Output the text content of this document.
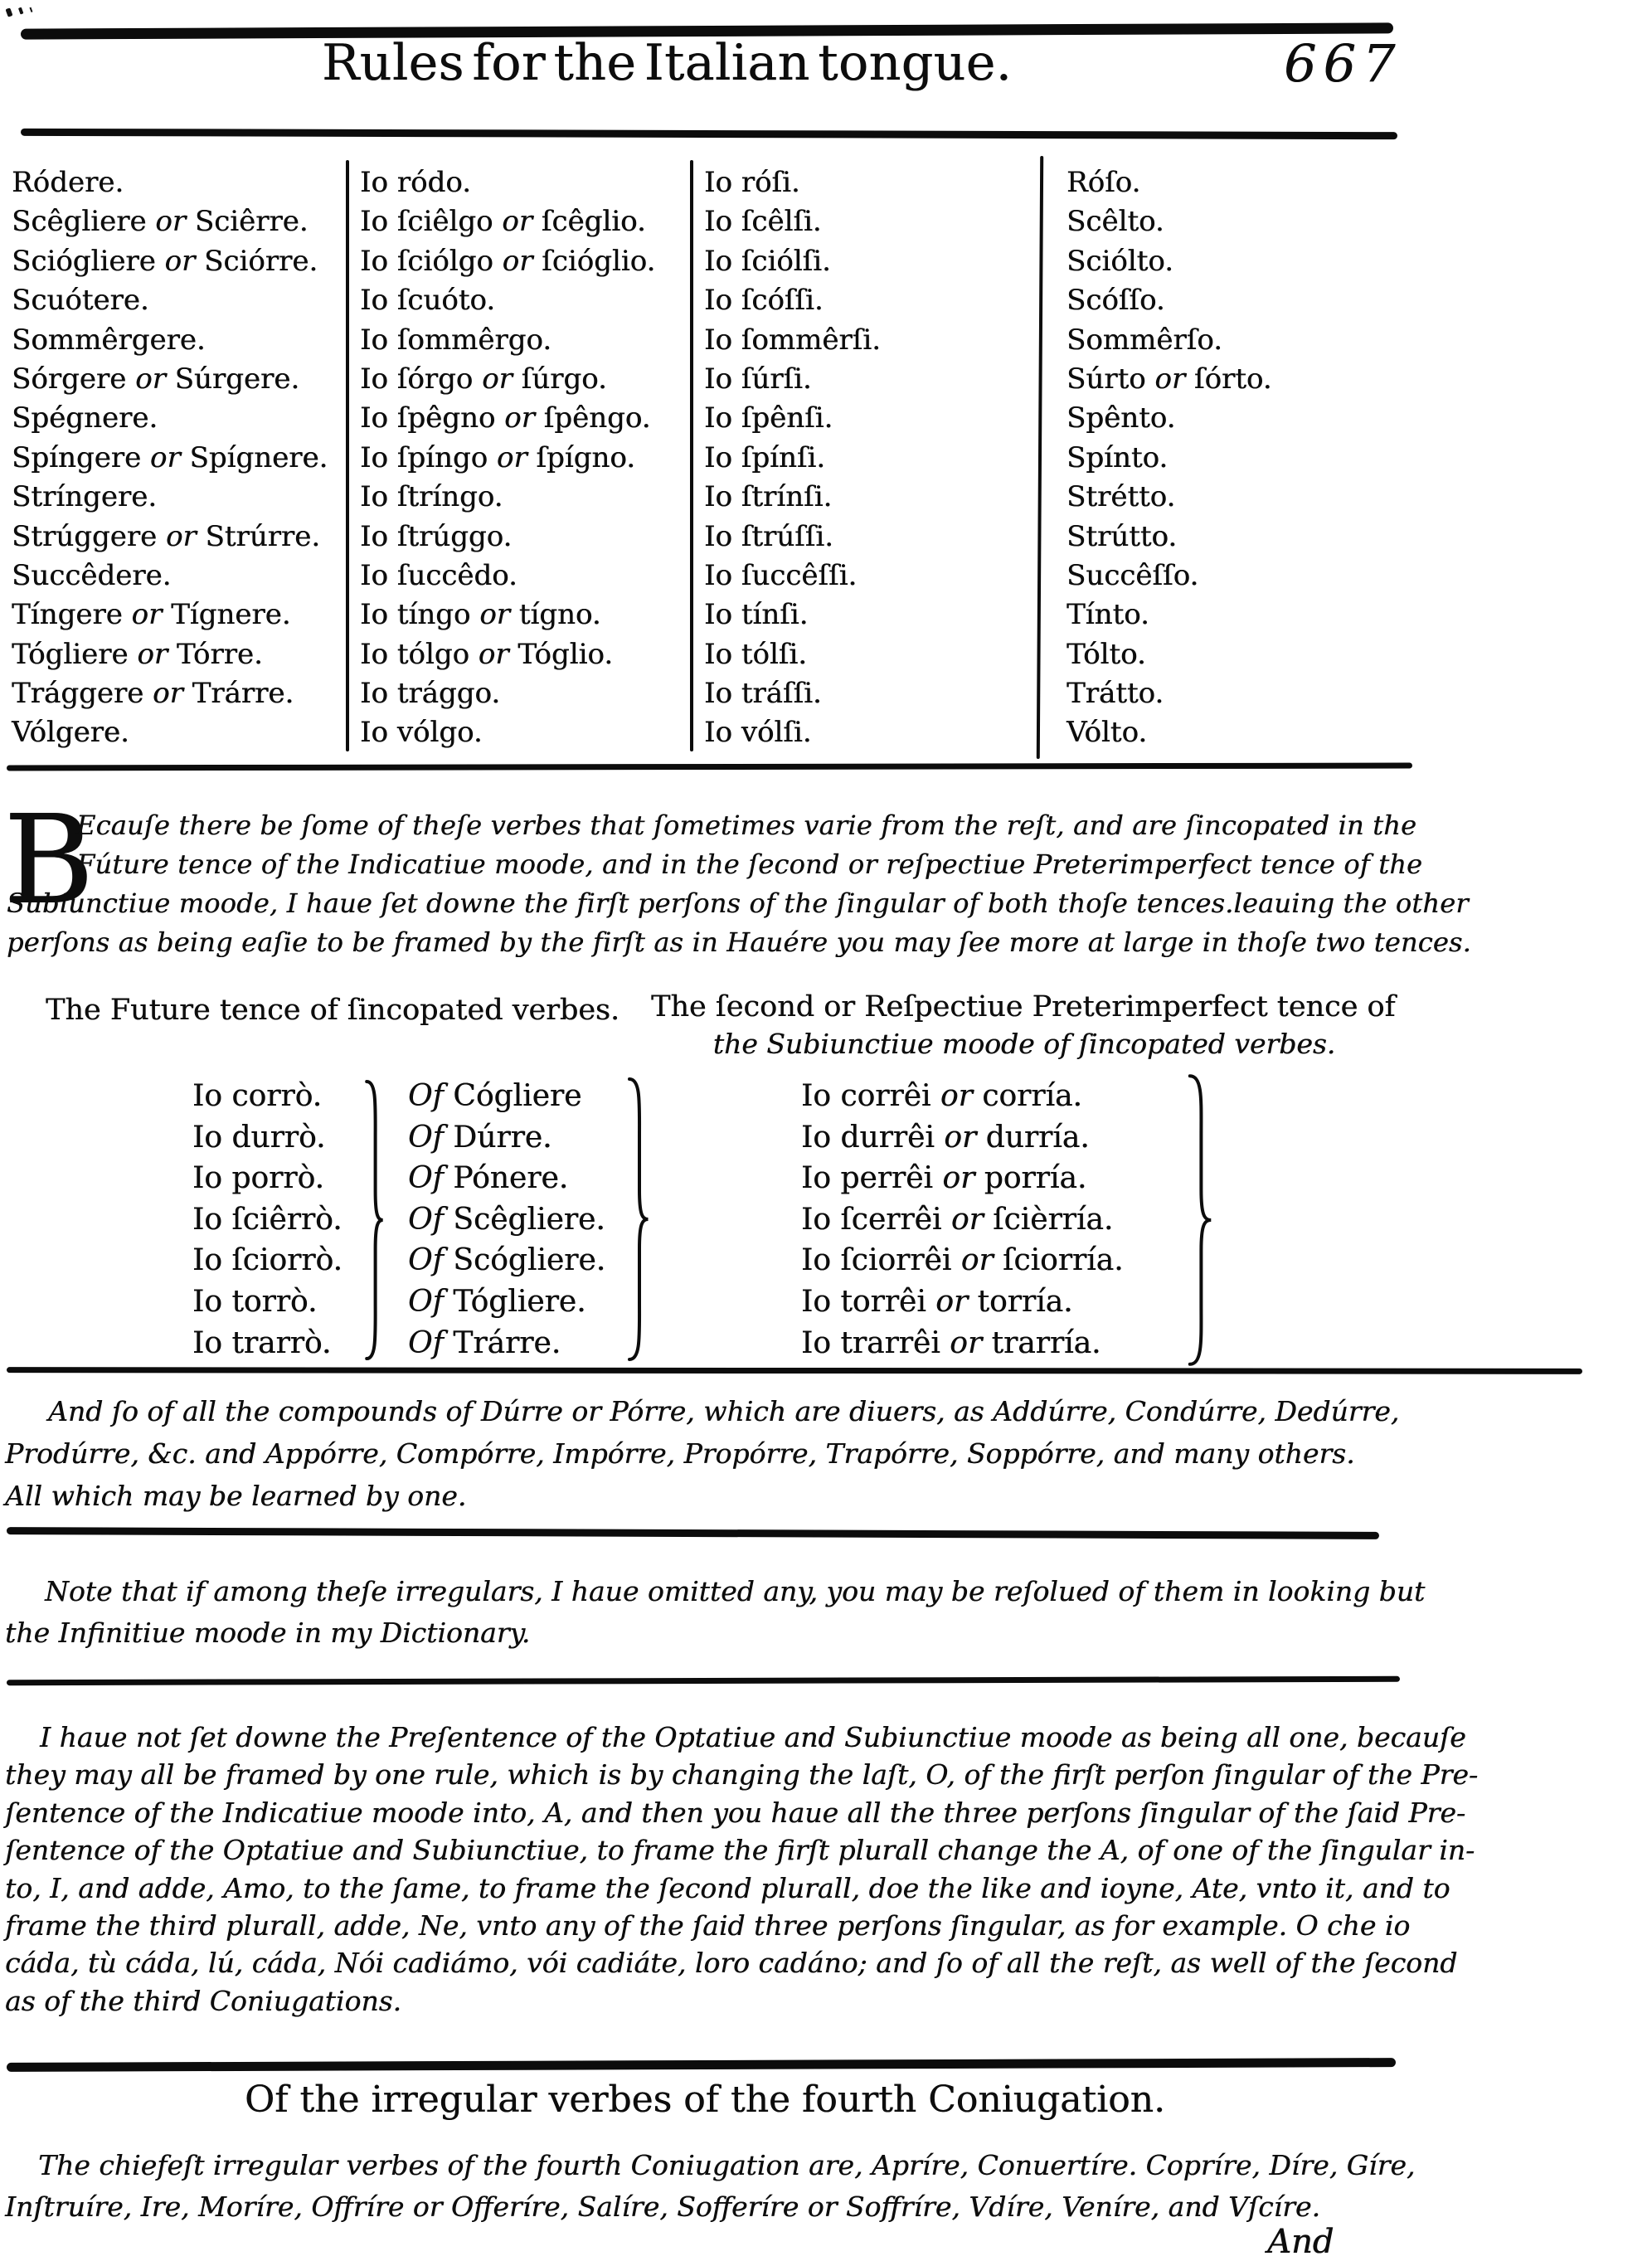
Rules for the Italian tongue.	667
Ródere.
Scêgliere or Sciêrre.
Sciógliere or Sciórre.
Scuótere.
Sommêrgere.
Sórgere or Súrgere.
Spégnere.
Spíngere or Spígnere.
Stríngere.
Strúggere or Strúrre.
Succêdere.
Tíngere or Tígnere.
Tógliere or Tórre.
Trággere or Trárre.
Vólgere.
Io ródo.
Io ſciêlgo or ſcêglio.
Io ſciólgo or ſcióglio.
Io ſcuóto.
Io ſommêrgo.
Io ſórgo or ſúrgo.
Io ſpêgno or ſpêngo.
Io ſpíngo or ſpígno.
Io ſtríngo.
Io ſtrúggo.
Io ſuccêdo.
Io tíngo or tígno.
Io tólgo or Tóglio.
Io trággo.
Io vólgo.
Io róſi.
Io ſcêlſi.
Io ſciólſi.
Io ſcóſſi.
Io ſommêrſi.
Io ſúrſi.
Io ſpênſi.
Io ſpínſi.
Io ſtrínſi.
Io ſtrúſſi.
Io ſuccêſſi.
Io tínſi.
Io tólſi.
Io tráſſi.
Io vólſi.
Róſo.
Scêlto.
Sciólto.
Scóſſo.
Sommêrſo.
Súrto or ſórto.
Spênto.
Spínto.
Strétto.
Strútto.
Succêſſo.
Tínto.
Tólto.
Trátto.
Vólto.
B
Ecauſe there be ſome of theſe verbes that ſometimes varie from the reſt, and are ſincopated in the
Fúture tence of the Indicatiue moode, and in the ſecond or reſpectiue Preterimperfect tence of the
Subiunctiue moode, I haue ſet downe the firſt perſons of the ſingular of both thoſe tences.leauing the other
perſons as being eaſie to be framed by the firſt as in Hauére you may ſee more at large in thoſe two tences.
The Future tence of ſincopated verbes. The ſecond or Reſpectiue Preterimperfect tence of
the Subiunctiue moode of ſincopated verbes.
Io corrò.
Io durrò.
Io porrò.
Io ſciêrrò.
Io ſciorrò.
Io torrò.
Io trarrò.
Of Cógliere
Of Dúrre.
Of Pónere.
Of Scêgliere.
Of Scógliere.
Of Tógliere.
Of Trárre.
Io corrêi or corría.
Io durrêi or durría.
Io perrêi or porría.
Io ſcerrêi or ſcièrría.
Io ſciorrêi or ſciorría.
Io torrêi or torría.
Io trarrêi or trarría.
And ſo of all the compounds of Dúrre or Pórre, which are diuers, as Addúrre, Condúrre, Dedúrre,
Prodúrre, &c. and Appórre, Compórre, Impórre, Propórre, Trapórre, Soppórre, and many others.
All which may be learned by one.
Note that if among theſe irregulars, I haue omitted any, you may be reſolued of them in looking but
the Infinitiue moode in my Dictionary.
I haue not ſet downe the Preſentence of the Optatiue and Subiunctiue moode as being all one, becauſe
they may all be framed by one rule, which is by changing the laſt, O, of the firſt perſon ſingular of the Pre-
ſentence of the Indicatiue moode into, A, and then you haue all the three perſons ſingular of the ſaid Pre-
ſentence of the Optatiue and Subiunctiue, to frame the firſt plurall change the A, of one of the ſingular in-
to, I, and adde, Amo, to the ſame, to frame the ſecond plurall, doe the like and ioyne, Ate, vnto it, and to
frame the third plurall, adde, Ne, vnto any of the ſaid three perſons ſingular, as for example. O che io
cáda, tù cáda, lú, cáda, Nói cadiámo, vói cadiáte, loro cadáno; and ſo of all the reſt, as well of the ſecond
as of the third Coniugations.
Of the irregular verbes of the fourth Coniugation.
The chiefeſt irregular verbes of the fourth Coniugation are, Apríre, Conuertíre. Copríre, Díre, Gíre,
Inſtruíre, Ire, Moríre, Offríre or Offeríre, Salíre, Sofferíre or Soffríre, Vdíre, Veníre, and Vſcíre.
And
